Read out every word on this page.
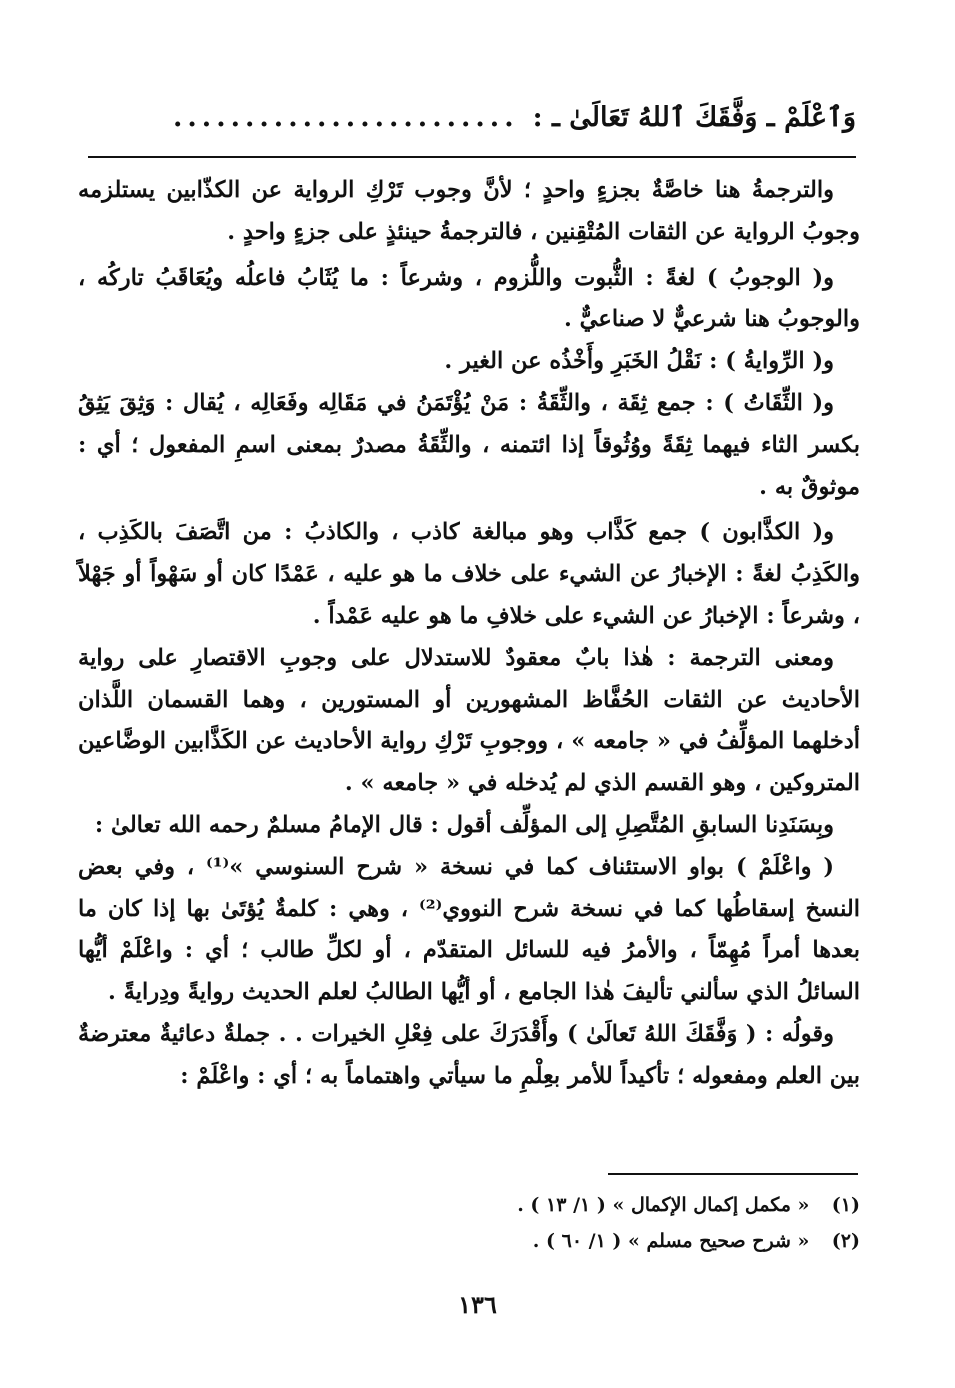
وَٱعْلَمْ ـ وَفَّقَكَ ٱللهُ تَعَالَىٰ ـ :
........................

والترجمةُ هنا خاصَّةٌ بجزءٍ واحدٍ ؛ لأنَّ وجوب تَرْكِ الرواية عن الكذّابين يستلزمه وجوبُ الرواية عن الثقات المُتْقِنين ، فالترجمةُ حينئذٍ على جزءٍ واحدٍ .

و( الوجوبُ ) لغةً : الثُّبوت واللُّزوم ، وشرعاً : ما يُثَابُ فاعلُه ويُعَاقَبُ تاركُه ، والوجوبُ هنا شرعيٌّ لا صناعيٌّ .

و( الرِّوايةُ ) : نَقْلُ الخَبَرِ وأَخْذُه عن الغير .

و( الثِّقَاتُ ) : جمع ثِقَة ، والثِّقَةُ : مَنْ يُؤْتَمَنُ في مَقَالِه وفَعَالِه ، يُقال : وَثِقَ يَثِقُ بكسر الثاء فيهما ثِقَةً ووُثُوقاً إذا ائتمنه ، والثِّقَةُ مصدرٌ بمعنى اسمِ المفعول ؛ أي : موثوقٌ به .

و( الكذَّابون ) جمع كَذَّاب وهو مبالغة كاذب ، والكاذبُ : من اتَّصَفَ بالكَذِب ، والكَذِبُ لغةً : الإخبارُ عن الشيء على خلاف ما هو عليه ، عَمْدًا كان أو سَهْواً أو جَهْلاً ، وشرعاً : الإخبارُ عن الشيء على خلافِ ما هو عليه عَمْداً .

ومعنى الترجمة : هٰذا بابٌ معقودٌ للاستدلال على وجوبِ الاقتصارِ على رواية الأحاديث عن الثقات الحُفَّاظ المشهورين أو المستورين ، وهما القسمان اللَّذان أدخلهما المؤلِّفُ في « جامعه » ، ووجوبِ تَرْكِ رواية الأحاديث عن الكَذَّابين الوضَّاعين المتروكين ، وهو القسم الذي لم يُدخله في « جامعه » .

وبِسَنَدِنا السابقِ المُتَّصِلِ إلى المؤلِّف أقول : قال الإمامُ مسلمٌ رحمه الله تعالىٰ :

( واعْلَمْ ) بواو الاستئناف كما في نسخة « شرح السنوسي »⁽¹⁾ ، وفي بعض النسخ إسقاطُها كما في نسخة شرح النووي⁽²⁾ ، وهي : كلمةٌ يُؤتَىٰ بها إذا كان ما بعدها أمراً مُهِمّاً ، والأمرُ فيه للسائل المتقدّم ، أو لكلِّ طالب ؛ أي : واعْلَمْ أيُّها السائلُ الذي سألني تأليفَ هٰذا الجامع ، أو أيُّها الطالبُ لعلم الحديث روايةً ودِرايةً .

وقولُه : ( وَفَّقَكَ اللهُ تَعالَىٰ ) وأَقْدَرَكَ على فِعْلِ الخيرات . . جملةٌ دعائيةٌ معترضةٌ بين العلم ومفعوله ؛ تأكيداً للأمر بعِلْمِ ما سيأتي واهتماماً به ؛ أي : واعْلَمْ :

(١) « مكمل إكمال الإكمال » ( ١/ ١٣ ) .

(٢) « شرح صحيح مسلم » ( ١/ ٦٠ ) .

١٣٦
